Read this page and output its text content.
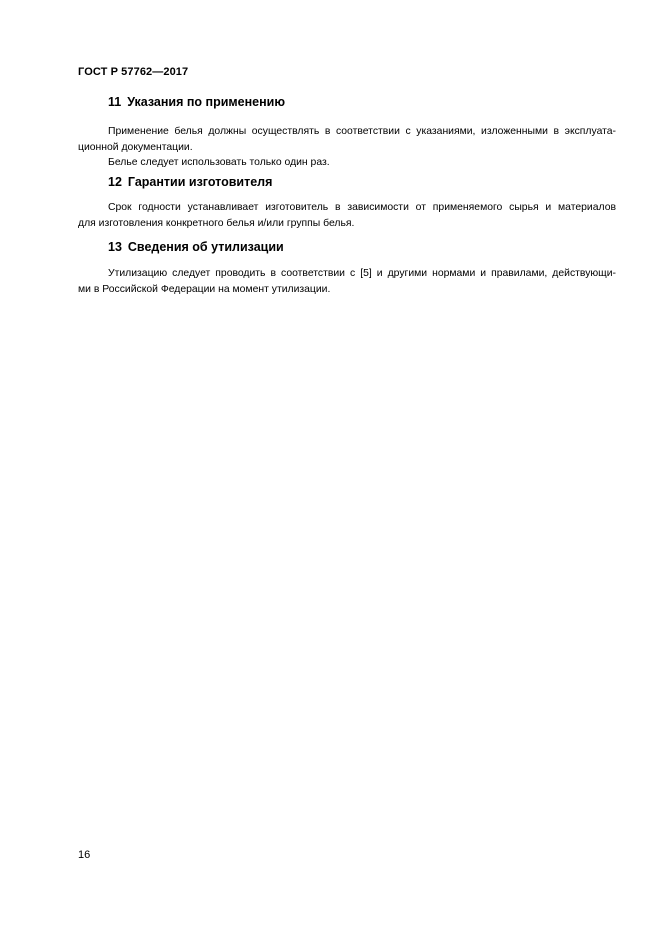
ГОСТ Р 57762—2017
11 Указания по применению
Применение белья должны осуществлять в соответствии с указаниями, изложенными в эксплуата-
ционной документации.
Белье следует использовать только один раз.
12 Гарантии изготовителя
Срок годности устанавливает изготовитель в зависимости от применяемого сырья и материалов
для изготовления конкретного белья и/или группы белья.
13 Сведения об утилизации
Утилизацию следует проводить в соответствии с [5] и другими нормами и правилами, действующи-
ми в Российской Федерации на момент утилизации.
16
